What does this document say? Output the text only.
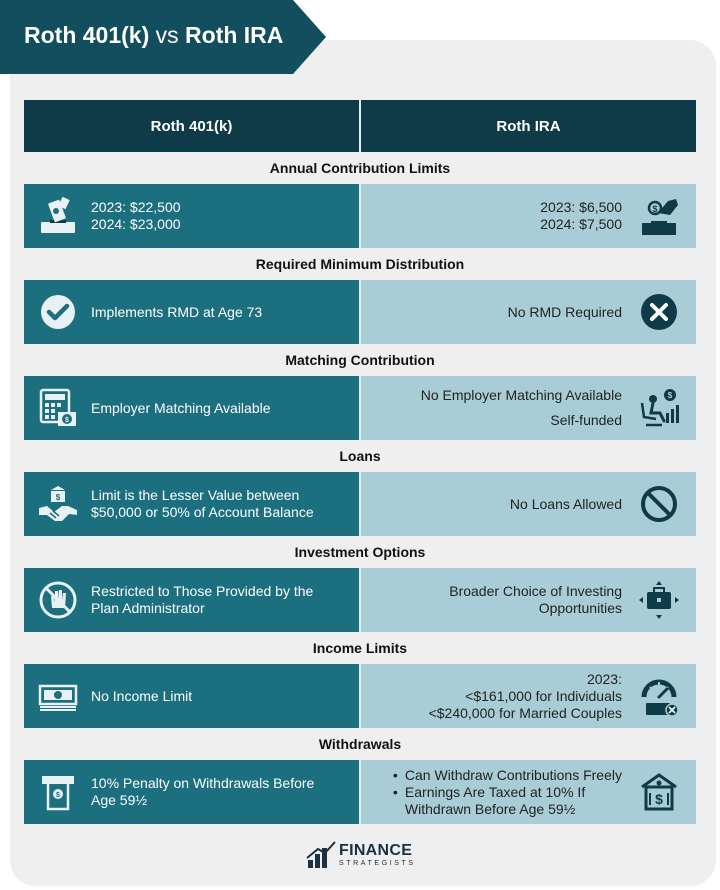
Roth 401(k) vs Roth IRA
Roth 401(k)	Roth IRA
Annual Contribution Limits
2023: $22,500
2024: $23,000
2023: $6,500
2024: $7,500
$
Required Minimum Distribution
Implements RMD at Age 73	No RMD Required
Matching Contribution
$
Employer Matching Available
No Employer Matching Available
Self-funded
$
Loans
$ Limit is the Lesser Value between
$50,000 or 50% of Account Balance
No Loans Allowed
Investment Options
Restricted to Those Provided by the
Plan Administrator
Broader Choice of Investing
Opportunities
Income Limits
No Income Limit
2023:
<$161,000 for Individuals
<$240,000 for Married Couples
Withdrawals
$
10% Penalty on Withdrawals Before
Age 59½
• Can Withdraw Contributions Freely
• Earnings Are Taxed at 10% If
Withdrawn Before Age 59½
$
FINANCE
STRATEGISTS
